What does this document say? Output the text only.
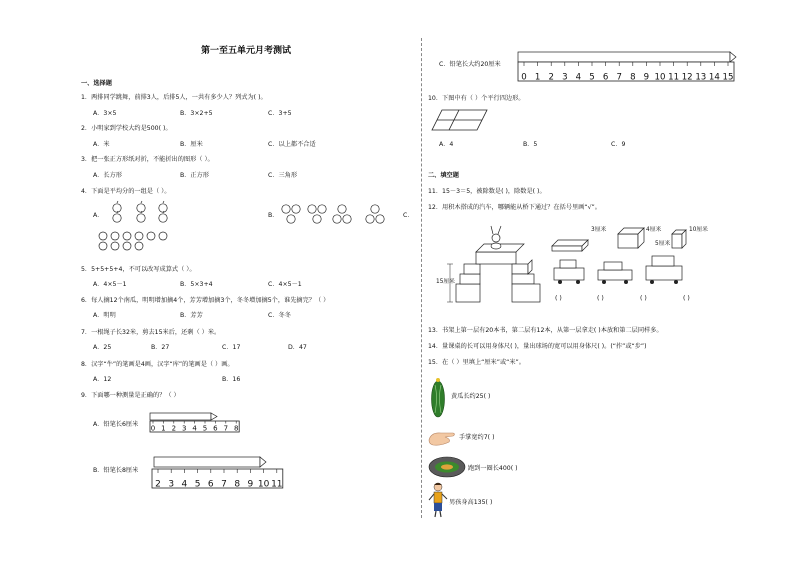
第一至五单元月考测试
一、选择题
1．两排同学跳舞，前排3人，后排5人，一共有多少人？列式为( )。
A．3×5	B．3×2+5	C．3+5
2．小明家到学校大约是500( )。
A．米	B．厘米	C．以上都不合适
3．把一张正方形纸对折，不能折出的图形（ ）。
A．长方形	B．正方形	C．三角形
4．下面是平均分的一组是（ ）。
A．	B．	C．
5．5+5+5+4，不可以改写成算式（ ）。
A．4×5－1	B．5×3+4	C．4×5－1
6．每人摘12个南瓜，明明增加摘4个，芳芳增加摘3个，冬冬增加摘5个，谁先摘完？（ ）
A．明明	B．芳芳	C．冬冬
7．一根绳子长32米，剪去15米后，还剩（ ）米。
A．25	B．27	C．17	D．47
8．汉字“牛”的笔画是4画，汉字“库”的笔画是（ ）画。
A．12	B．16
9．下面哪一种测量是正确的？（ ）
A．铅笔长6厘米
B．铅笔长8厘米
0 1 2 3 4 5 6 7 8
2 3 4 5 6 7 8 9 10 11
C．铅笔长大约20厘米
0 1 2 3 4 5 6 7 8 9 10 11 12 13 14 15
10．下图中有（ ）个平行四边形。
A．4	B．5	C．9
二、填空题
11．15－3＝5，被除数是( )，除数是( )。
12．用积木搭成的汽车，哪辆能从桥下通过？在括号里画“√”。
15厘米
3厘米	4厘米
5厘米
10厘米
( )	( )	( )	( )
13．书架上第一层有20本书，第二层有12本，从第一层拿走( )本放和第二层同样多。
14．量课桌的长可以用身体尺( )，量出球场的宽可以用身体尺( )。(“拃”或“步”)
15．在（ ）里填上“厘米”或“米”。
黄瓜长约25( )
手掌宽约7( )
跑到一圈长400( )
男孩身高135( )
